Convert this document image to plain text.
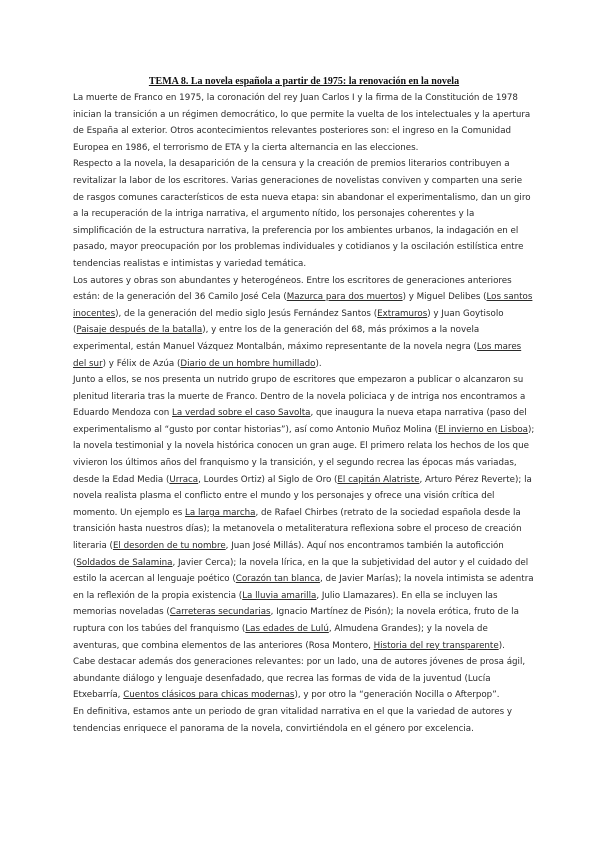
TEMA 8. La novela española a partir de 1975: la renovación en la novela

La muerte de Franco en 1975, la coronación del rey Juan Carlos I y la firma de la Constitución de 1978 inician la transición a un régimen democrático, lo que permite la vuelta de los intelectuales y la apertura de España al exterior. Otros acontecimientos relevantes posteriores son: el ingreso en la Comunidad Europea en 1986, el terrorismo de ETA y la cierta alternancia en las elecciones.

Respecto a la novela, la desaparición de la censura y la creación de premios literarios contribuyen a revitalizar la labor de los escritores. Varias generaciones de novelistas conviven y comparten una serie de rasgos comunes característicos de esta nueva etapa: sin abandonar el experimentalismo, dan un giro a la recuperación de la intriga narrativa, el argumento nítido, los personajes coherentes y la simplificación de la estructura narrativa, la preferencia por los ambientes urbanos, la indagación en el pasado, mayor preocupación por los problemas individuales y cotidianos y la oscilación estilística entre tendencias realistas e intimistas y variedad temática.

Los autores y obras son abundantes y heterogéneos. Entre los escritores de generaciones anteriores están: de la generación del 36 Camilo José Cela (Mazurca para dos muertos) y Miguel Delibes (Los santos inocentes), de la generación del medio siglo Jesús Fernández Santos (Extramuros) y Juan Goytisolo (Paisaje después de la batalla), y entre los de la generación del 68, más próximos a la novela experimental, están Manuel Vázquez Montalbán, máximo representante de la novela negra (Los mares del sur) y Félix de Azúa (Diario de un hombre humillado).

Junto a ellos, se nos presenta un nutrido grupo de escritores que empezaron a publicar o alcanzaron su plenitud literaria tras la muerte de Franco. Dentro de la novela policiaca y de intriga nos encontramos a Eduardo Mendoza con La verdad sobre el caso Savolta, que inaugura la nueva etapa narrativa (paso del experimentalismo al “gusto por contar historias”), así como Antonio Muñoz Molina (El invierno en Lisboa); la novela testimonial y la novela histórica conocen un gran auge. El primero relata los hechos de los que vivieron los últimos años del franquismo y la transición, y el segundo recrea las épocas más variadas, desde la Edad Media (Urraca, Lourdes Ortiz) al Siglo de Oro (El capitán Alatriste, Arturo Pérez Reverte); la novela realista plasma el conflicto entre el mundo y los personajes y ofrece una visión crítica del momento. Un ejemplo es La larga marcha, de Rafael Chirbes (retrato de la sociedad española desde la transición hasta nuestros días); la metanovela o metaliteratura reflexiona sobre el proceso de creación literaria (El desorden de tu nombre, Juan José Millás). Aquí nos encontramos también la autoficción (Soldados de Salamina, Javier Cerca); la novela lírica, en la que la subjetividad del autor y el cuidado del estilo la acercan al lenguaje poético (Corazón tan blanca, de Javier Marías); la novela intimista se adentra en la reflexión de la propia existencia (La lluvia amarilla, Julio Llamazares). En ella se incluyen las memorias noveladas (Carreteras secundarias, Ignacio Martínez de Pisón); la novela erótica, fruto de la ruptura con los tabúes del franquismo (Las edades de Lulú, Almudena Grandes); y la novela de aventuras, que combina elementos de las anteriores (Rosa Montero, Historia del rey transparente).

Cabe destacar además dos generaciones relevantes: por un lado, una de autores jóvenes de prosa ágil, abundante diálogo y lenguaje desenfadado, que recrea las formas de vida de la juventud (Lucía Etxebarría, Cuentos clásicos para chicas modernas), y por otro la “generación Nocilla o Afterpop”.

En definitiva, estamos ante un periodo de gran vitalidad narrativa en el que la variedad de autores y tendencias enriquece el panorama de la novela, convirtiéndola en el género por excelencia.
